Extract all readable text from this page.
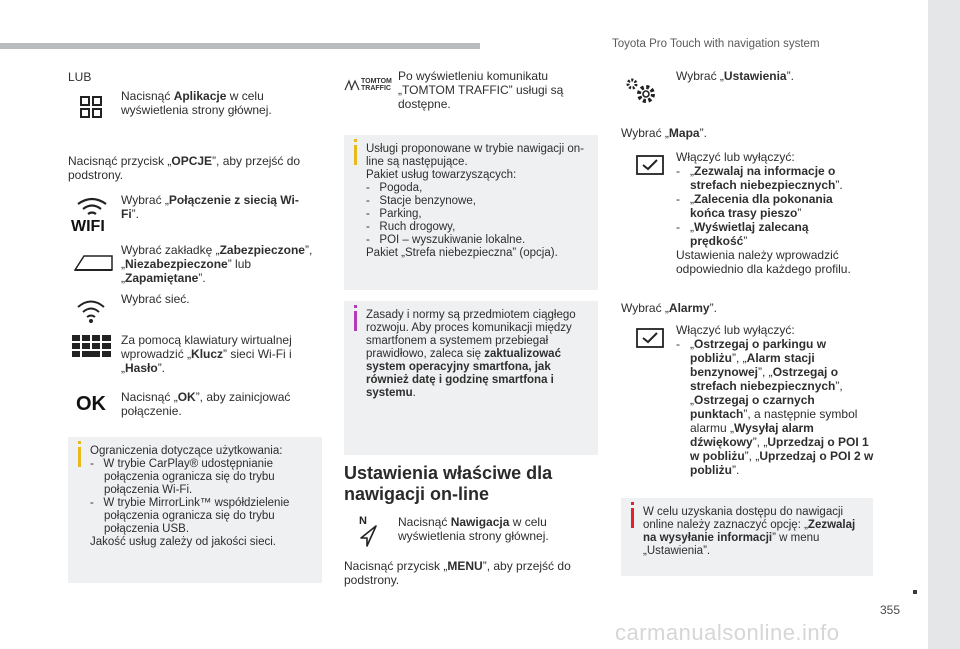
Toyota Pro Touch with navigation system
355
carmanualsonline.info
LUB
Nacisnąć Aplikacje w celu wyświetlenia strony głównej.
Nacisnąć przycisk „OPCJE”, aby przejść do podstrony.
WIFI
Wybrać „Połączenie z siecią Wi-Fi”.
Wybrać zakładkę „Zabezpieczone”, „Niezabezpieczone” lub „Zapamiętane”.
Wybrać sieć.
Za pomocą klawiatury wirtualnej wprowadzić „Klucz” sieci Wi-Fi i „Hasło”.
OK Nacisnąć „OK”, aby zainicjować połączenie.
Ograniczenia dotyczące użytkowania:
-   W trybie CarPlay® udostępnianie połączenia ogranicza się do trybu połączenia Wi-Fi.
-   W trybie MirrorLink™ współdzielenie połączenia ogranicza się do trybu połączenia USB.
Jakość usług zależy od jakości sieci.
TOMTOM
TRAFFIC
Po wyświetleniu komunikatu „TOMTOM TRAFFIC” usługi są dostępne.
Usługi proponowane w trybie nawigacji on-line są następujące.
Pakiet usług towarzyszących:
-   Pogoda,
-   Stacje benzynowe,
-   Parking,
-   Ruch drogowy,
-   POI – wyszukiwanie lokalne.
Pakiet „Strefa niebezpieczna” (opcja).
Zasady i normy są przedmiotem ciągłego rozwoju. Aby proces komunikacji między smartfonem a systemem przebiegał prawidłowo, zaleca się zaktualizować system operacyjny smartfona, jak również datę i godzinę smartfona i systemu.
Ustawienia właściwe dla nawigacji on-line
N	Nacisnąć Nawigacja w celu wyświetlenia strony głównej.
Nacisnąć przycisk „MENU”, aby przejść do podstrony.
Wybrać „Ustawienia”.
Wybrać „Mapa”.
Włączyć lub wyłączyć:
-   „Zezwalaj na informacje o strefach niebezpiecznych”.
-   „Zalecenia dla pokonania końca trasy pieszo”
-   „Wyświetlaj zalecaną prędkość”
Ustawienia należy wprowadzić odpowiednio dla każdego profilu.
Wybrać „Alarmy”.
Włączyć lub wyłączyć:
-   „Ostrzegaj o parkingu w pobliżu”, „Alarm stacji benzynowej”, „Ostrzegaj o strefach niebezpiecznych”, „Ostrzegaj o czarnych punktach”, a następnie symbol alarmu „Wysyłaj alarm dźwiękowy”, „Uprzedzaj o POI 1 w pobliżu”, „Uprzedzaj o POI 2 w pobliżu”.
W celu uzyskania dostępu do nawigacji online należy zaznaczyć opcję: „Zezwalaj na wysyłanie informacji” w menu „Ustawienia”.
